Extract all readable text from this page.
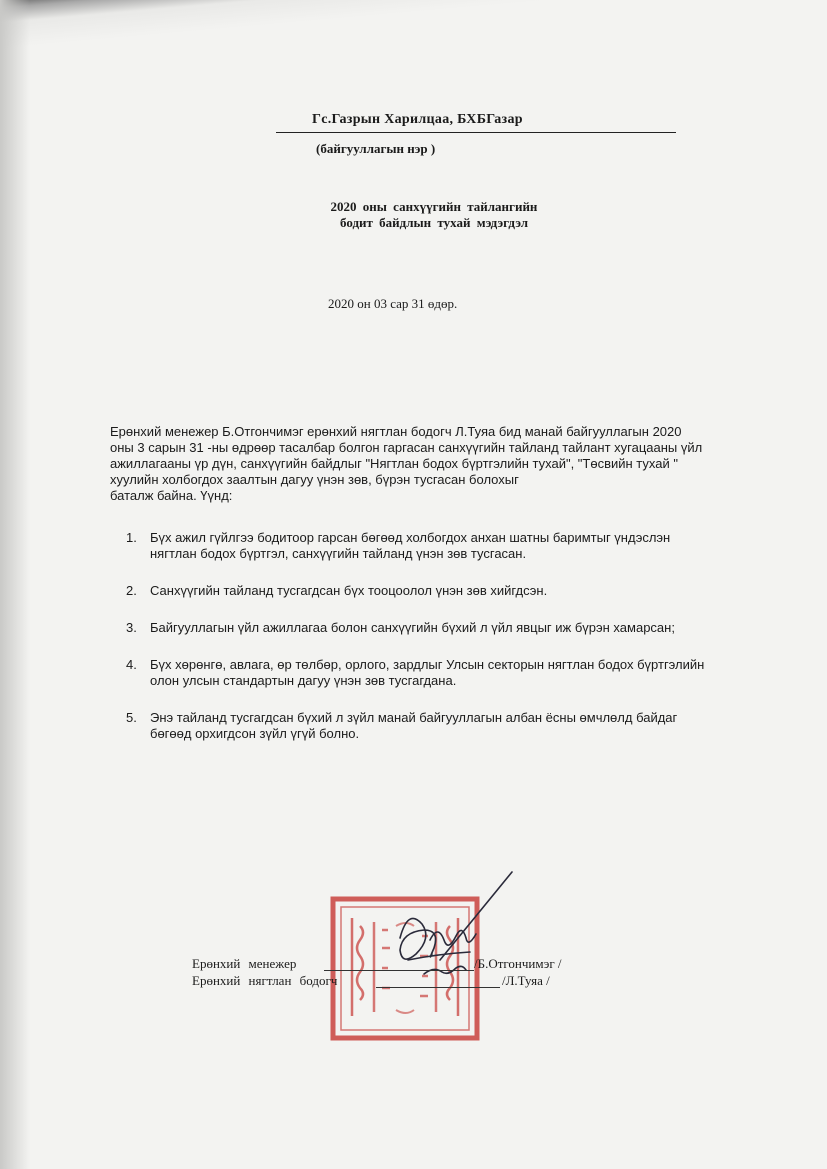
Гс.Газрын Харилцаа, БХБГазар
(байгууллагын нэр )
2020 оны санхүүгийн тайлангийн
бодит байдлын тухай мэдэгдэл
2020 он 03 сар 31 өдөр.
Ерөнхий менежер Б.Отгончимэг ерөнхий нягтлан бодогч Л.Туяа бид манай байгууллагын 2020
оны 3 сарын 31 -ны өдрөөр тасалбар болгон гаргасан санхүүгийн тайланд тайлант хугацааны үйл
ажиллагааны үр дүн, санхүүгийн байдлыг "Нягтлан бодох бүртгэлийн тухай", "Төсвийн тухай "
хуулийн холбогдох заалтын дагуу үнэн зөв, бүрэн тусгасан болохыг
баталж байна. Үүнд:
1.	Бүх ажил гүйлгээ бодитоор гарсан бөгөөд холбогдох анхан шатны баримтыг үндэслэн
нягтлан бодох бүртгэл, санхүүгийн тайланд үнэн зөв тусгасан.
2.	Санхүүгийн тайланд тусгагдсан бүх тооцоолол үнэн зөв хийгдсэн.
3.	Байгууллагын үйл ажиллагаа болон санхүүгийн бүхий л үйл явцыг иж бүрэн хамарсан;
4.	Бүх хөрөнгө, авлага, өр төлбөр, орлого, зардлыг Улсын секторын нягтлан бодох бүртгэлийн
олон улсын стандартын дагуу үнэн зөв тусгагдана.
5.	Энэ тайланд тусгагдсан бүхий л зүйл манай байгууллагын албан ёсны өмчлөлд байдаг
бөгөөд орхигдсон зүйл үгүй болно.
Ерөнхий менежер	/Б.Отгончимэг /
Ерөнхий нягтлан бодогч	/Л.Туяа /
